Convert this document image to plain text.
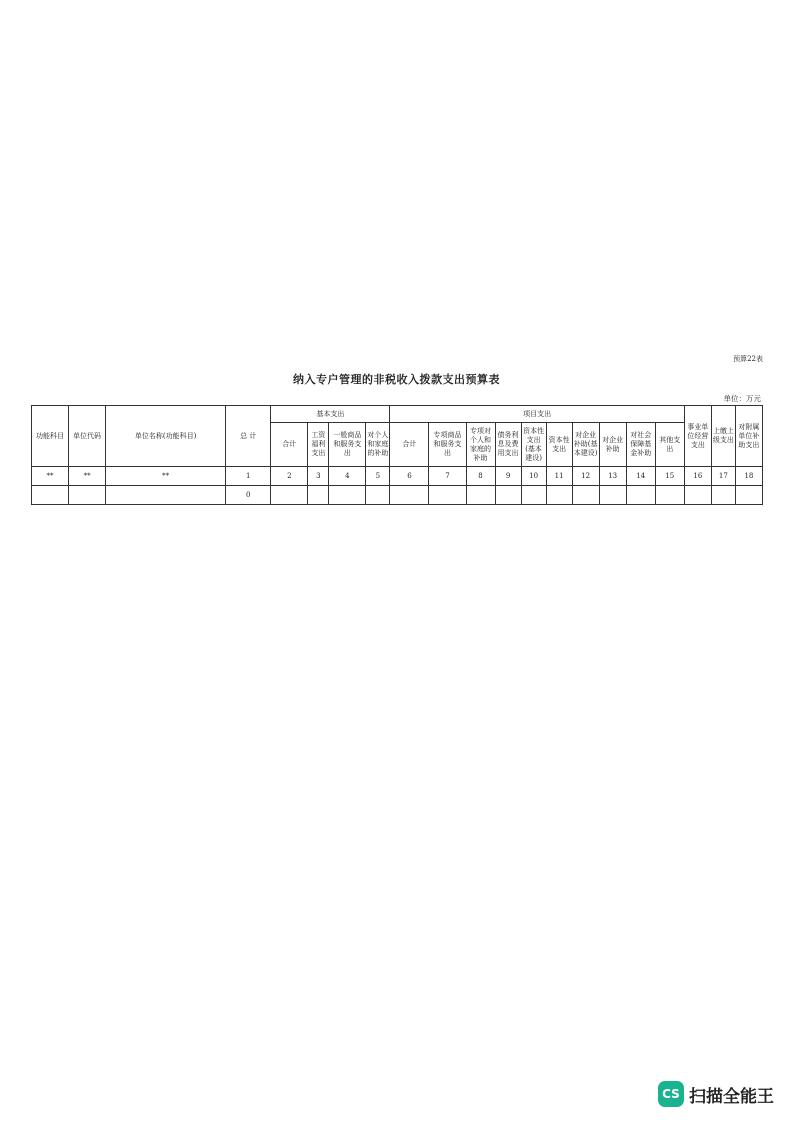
预算22表
纳入专户管理的非税收入拨款支出预算表
单位：万元
功能科目	单位代码	单位名称(功能科目)	总 计	基本支出				项目支出										事业单位经营支出	上缴上级支出	对附属单位补助支出
				合计	工资福利支出	一般商品和服务支出	对个人和家庭的补助	合计	专项商品和服务支出	专项对个人和家庭的补助	债务利息及费用支出	资本性支出(基本建设)	资本性支出	对企业补助(基本建设)	对企业补助	对社会保障基金补助	其他支出			
**	**	**	1	2	3	4	5	6	7	8	9	10	11	12	13	14	15	16	17	18
			0																	
CS 扫描全能王
